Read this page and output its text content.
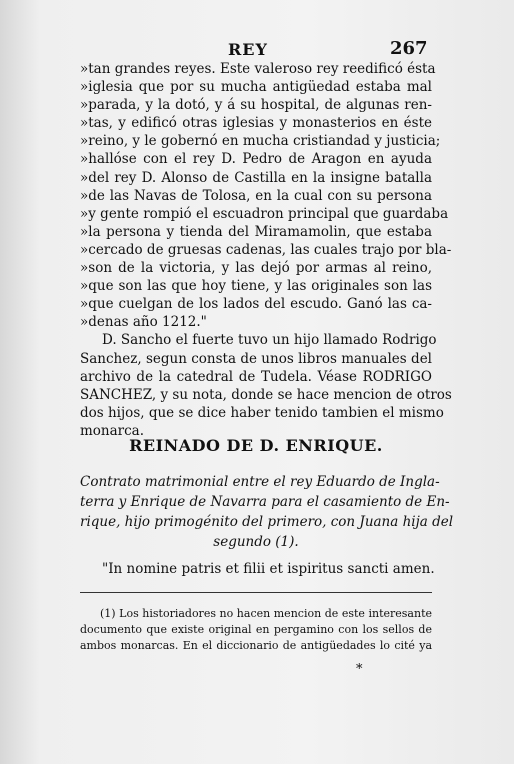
REY	267
»tan grandes reyes. Este valeroso rey reedificó ésta
»iglesia que por su mucha antigüedad estaba mal
»parada, y la dotó, y á su hospital, de algunas ren-
»tas, y edificó otras iglesias y monasterios en éste
»reino, y le gobernó en mucha cristiandad y justicia;
»hallóse con el rey D. Pedro de Aragon en ayuda
»del rey D. Alonso de Castilla en la insigne batalla
»de las Navas de Tolosa, en la cual con su persona
»y gente rompió el escuadron principal que guardaba
»la persona y tienda del Miramamolin, que estaba
»cercado de gruesas cadenas, las cuales trajo por bla-
»son de la victoria, y las dejó por armas al reino,
»que son las que hoy tiene, y las originales son las
»que cuelgan de los lados del escudo. Ganó las ca-
»denas año 1212."
D. Sancho el fuerte tuvo un hijo llamado Rodrigo
Sanchez, segun consta de unos libros manuales del
archivo de la catedral de Tudela. Véase RODRIGO
SANCHEZ, y su nota, donde se hace mencion de otros
dos hijos, que se dice haber tenido tambien el mismo
monarca.
REINADO DE D. ENRIQUE.
Contrato matrimonial entre el rey Eduardo de Ingla-
terra y Enrique de Navarra para el casamiento de En-
rique, hijo primogénito del primero, con Juana hija del
segundo (1).
"In nomine patris et filii et ispiritus sancti amen.
(1) Los historiadores no hacen mencion de este interesante
documento que existe original en pergamino con los sellos de
ambos monarcas. En el diccionario de antigüedades lo cité ya
*
